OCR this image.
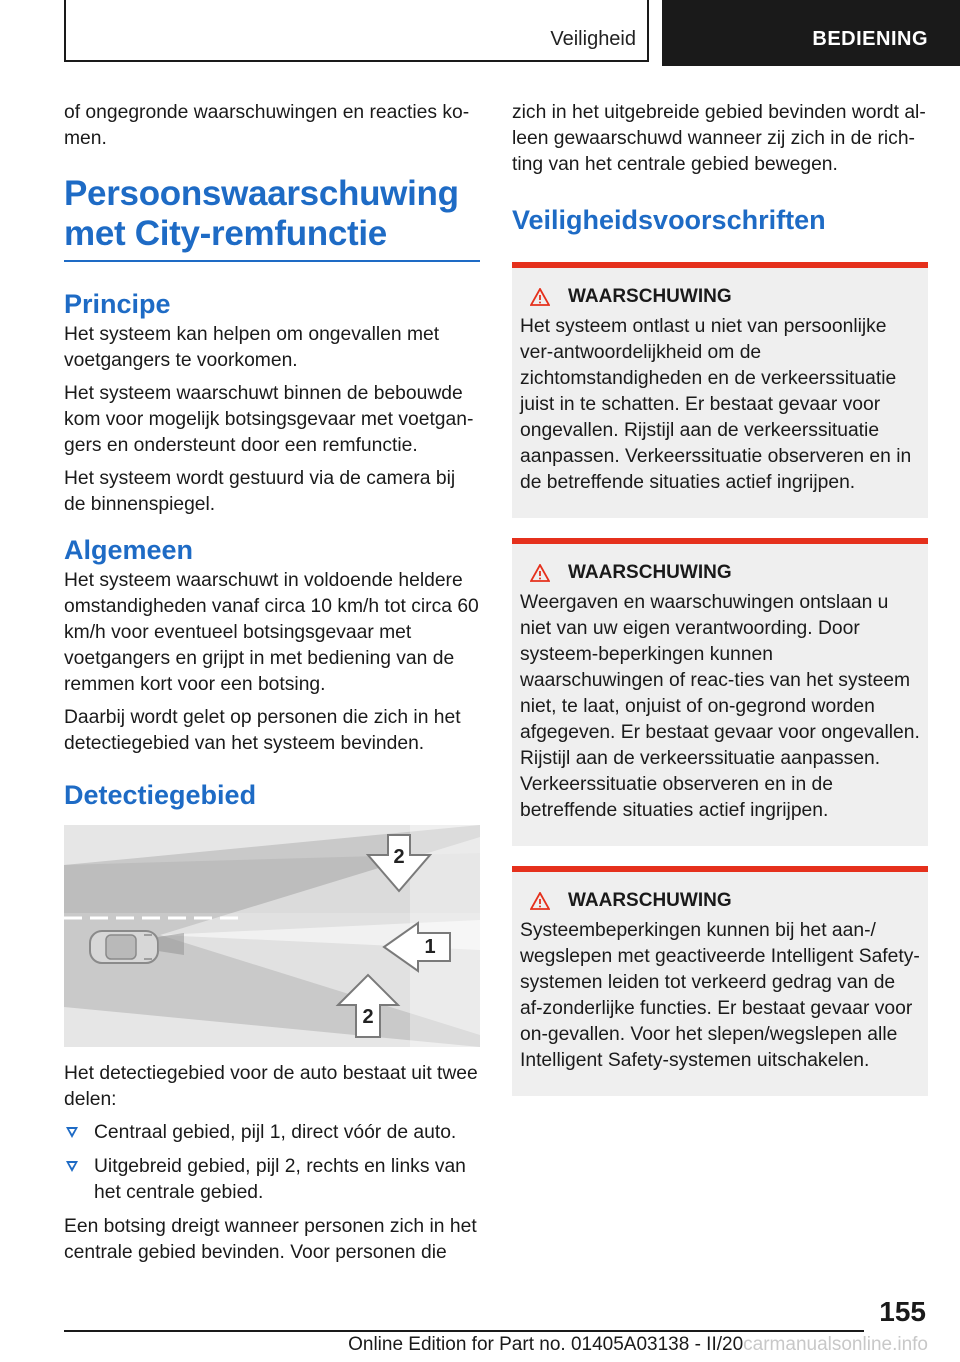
Veiligheid	BEDIENING

of ongegronde waarschuwingen en reacties ko-
men.

Persoonswaarschuwing met City-remfunctie
Principe

Het systeem kan helpen om ongevallen met voetgangers te voorkomen.

Het systeem waarschuwt binnen de bebouwde kom voor mogelijk botsingsgevaar met voetgan-gers en ondersteunt door een remfunctie.

Het systeem wordt gestuurd via de camera bij de binnenspiegel.

Algemeen

Het systeem waarschuwt in voldoende heldere omstandigheden vanaf circa 10 km/h tot circa 60 km/h voor eventueel botsingsgevaar met voetgangers en grijpt in met bediening van de remmen kort voor een botsing.

Daarbij wordt gelet op personen die zich in het detectiegebied van het systeem bevinden.

Detectiegebied
2
1
2

Het detectiegebied voor de auto bestaat uit twee delen:

Centraal gebied, pijl 1, direct vóór de auto.
Uitgebreid gebied, pijl 2, rechts en links van het centrale gebied.

Een botsing dreigt wanneer personen zich in het centrale gebied bevinden. Voor personen die

zich in het uitgebreide gebied bevinden wordt al-leen gewaarschuwd wanneer zij zich in de rich-ting van het centrale gebied bewegen.

Veiligheidsvoorschriften
WAARSCHUWING

Het systeem ontlast u niet van persoonlijke ver-antwoordelijkheid om de zichtomstandigheden en de verkeerssituatie juist in te schatten. Er bestaat gevaar voor ongevallen. Rijstijl aan de verkeerssituatie aanpassen. Verkeerssituatie observeren en in de betreffende situaties actief ingrijpen.

WAARSCHUWING

Weergaven en waarschuwingen ontslaan u niet van uw eigen verantwoording. Door systeem-beperkingen kunnen waarschuwingen of reac-ties van het systeem niet, te laat, onjuist of on-gegrond worden afgegeven. Er bestaat gevaar voor ongevallen. Rijstijl aan de verkeerssituatie aanpassen. Verkeerssituatie observeren en in de betreffende situaties actief ingrijpen.

WAARSCHUWING

Systeembeperkingen kunnen bij het aan-/ wegslepen met geactiveerde Intelligent Safety-systemen leiden tot verkeerd gedrag van de af-zonderlijke functies. Er bestaat gevaar voor on-gevallen. Voor het slepen/wegslepen alle Intelligent Safety-systemen uitschakelen.

155
Online Edition for Part no. 01405A03138 - II/20carmanualsonline.info
